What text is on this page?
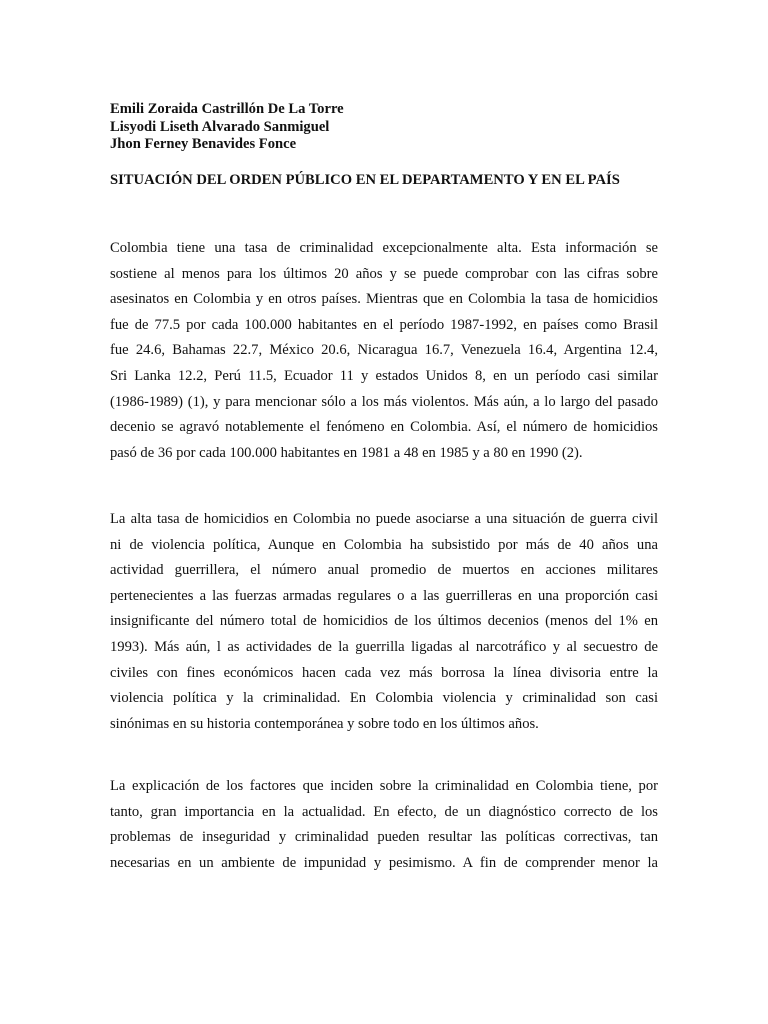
Emili Zoraida Castrillón De La Torre
Lisyodi Liseth Alvarado Sanmiguel
Jhon Ferney Benavides Fonce
SITUACIÓN DEL ORDEN PÚBLICO EN EL DEPARTAMENTO Y EN EL PAÍS
Colombia tiene una tasa de criminalidad excepcionalmente alta. Esta información se
sostiene al menos para los últimos 20 años y se puede comprobar con las cifras sobre
asesinatos en Colombia y en otros países. Mientras que en Colombia la tasa de homicidios
fue de 77.5 por cada 100.000 habitantes en el período 1987-1992, en países como Brasil
fue 24.6, Bahamas 22.7, México 20.6, Nicaragua 16.7, Venezuela 16.4, Argentina 12.4,
Sri Lanka 12.2, Perú 11.5, Ecuador 11 y estados Unidos 8, en un período casi similar
(1986-1989) (1), y para mencionar sólo a los más violentos. Más aún, a lo largo del pasado
decenio se agravó notablemente el fenómeno en Colombia. Así, el número de homicidios
pasó de 36 por cada 100.000 habitantes en 1981 a 48 en 1985 y a 80 en 1990 (2).
La alta tasa de homicidios en Colombia no puede asociarse a una situación de guerra civil
ni de violencia política, Aunque en Colombia ha subsistido por más de 40 años una
actividad guerrillera, el número anual promedio de muertos en acciones militares
pertenecientes a las fuerzas armadas regulares o a las guerrilleras en una proporción casi
insignificante del número total de homicidios de los últimos decenios (menos del 1% en
1993). Más aún, l as actividades de la guerrilla ligadas al narcotráfico y al secuestro de
civiles con fines económicos hacen cada vez más borrosa la línea divisoria entre la
violencia política y la criminalidad. En Colombia violencia y criminalidad son casi
sinónimas en su historia contemporánea y sobre todo en los últimos años.
La explicación de los factores que inciden sobre la criminalidad en Colombia tiene, por
tanto, gran importancia en la actualidad. En efecto, de un diagnóstico correcto de los
problemas de inseguridad y criminalidad pueden resultar las políticas correctivas, tan
necesarias en un ambiente de impunidad y pesimismo. A fin de comprender menor la
